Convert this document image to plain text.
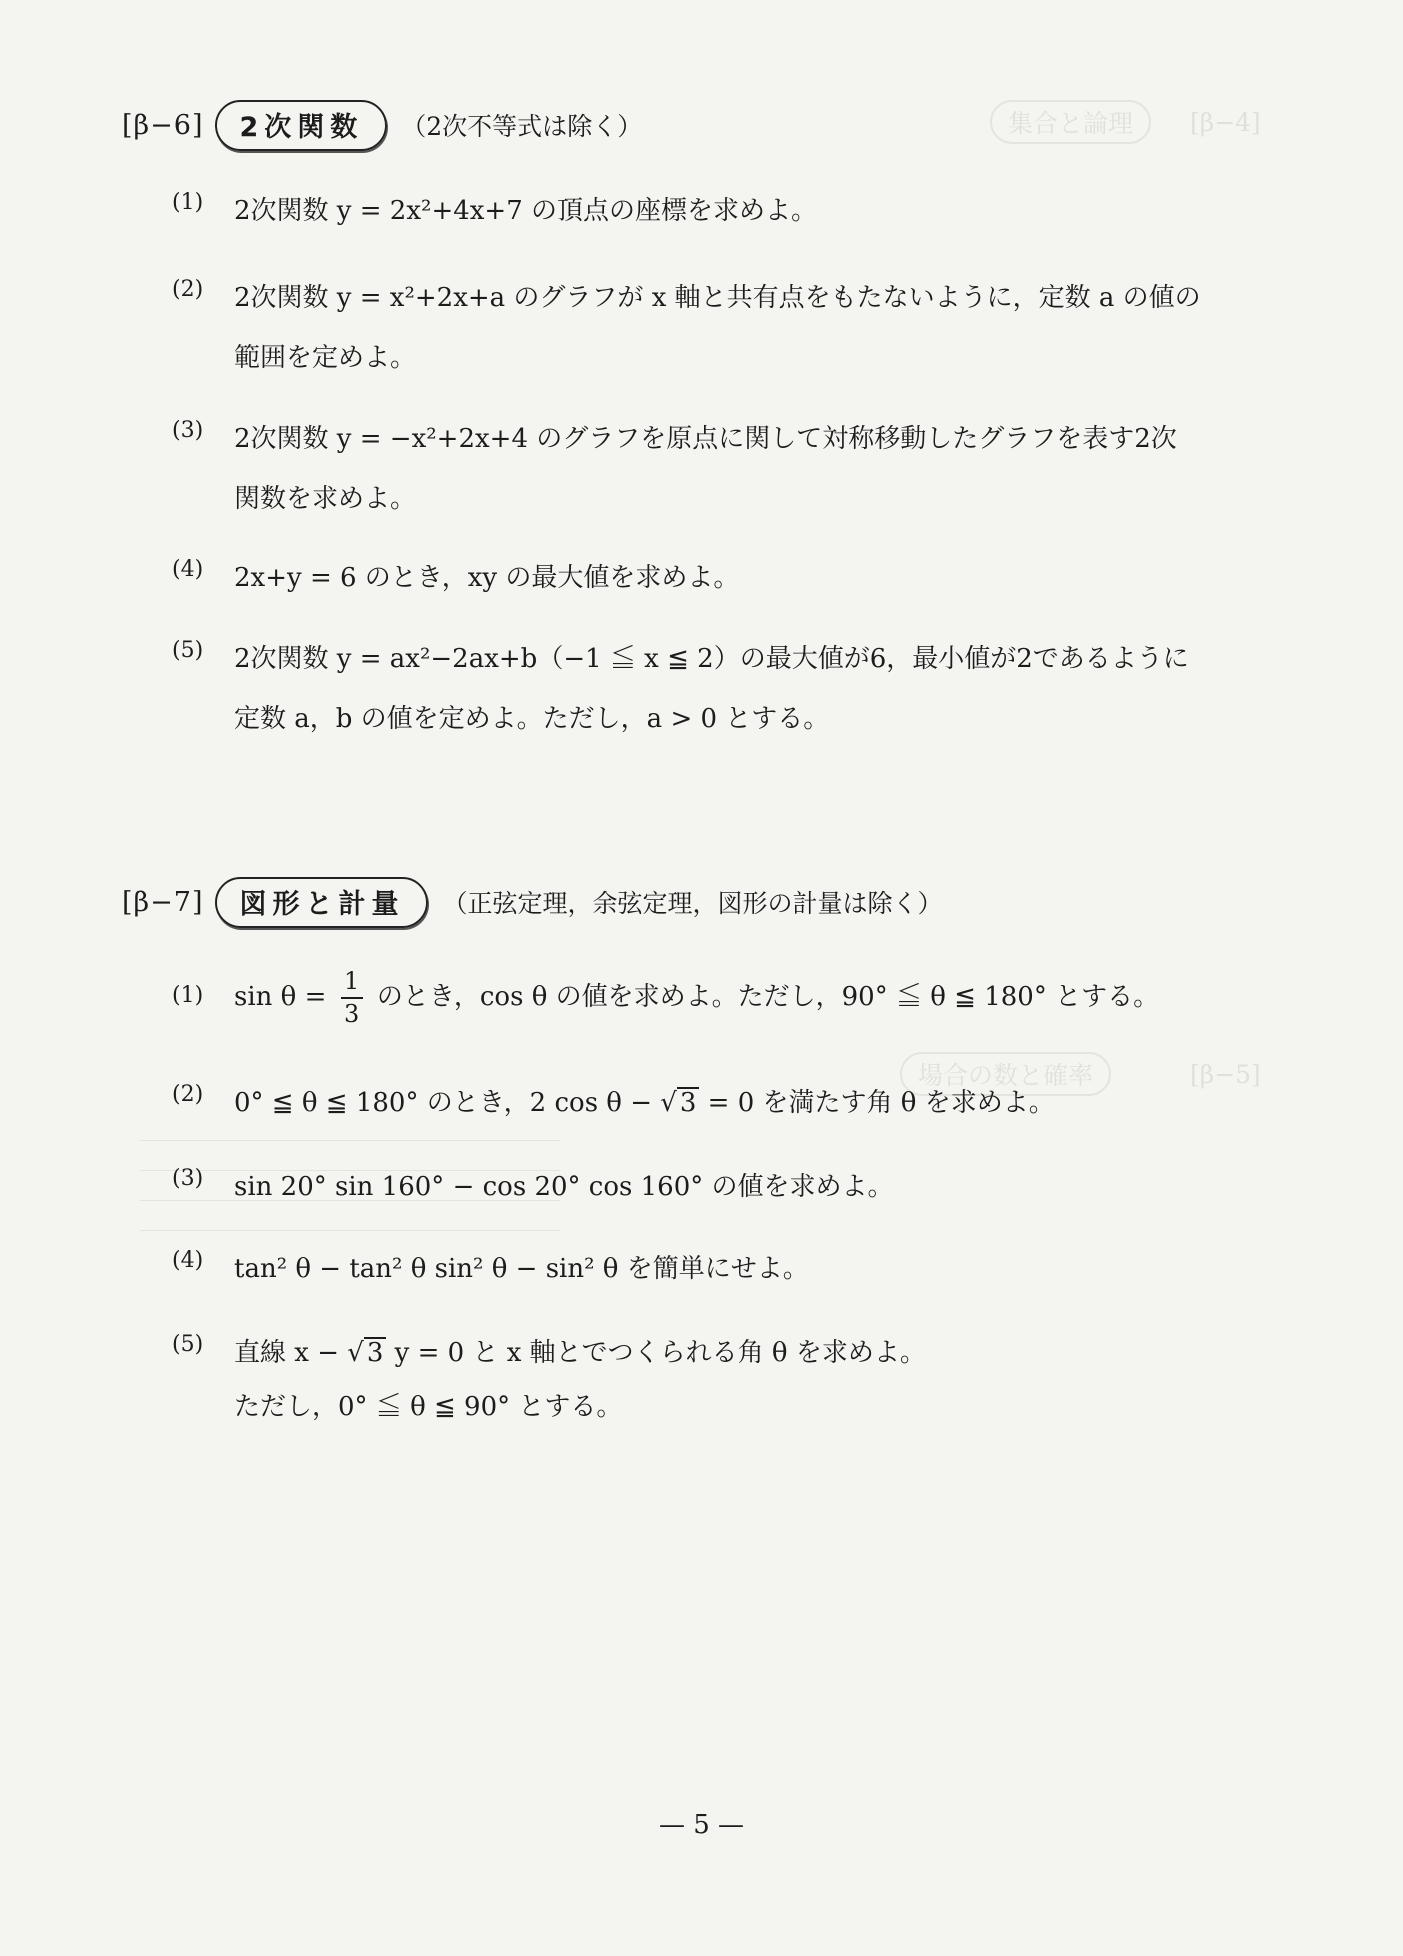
[β−4]
集合と論理
[β−5]
場合の数と確率
[β−6]	2次関数	（2次不等式は除く）
(1) 2次関数 y = 2x²+4x+7 の頂点の座標を求めよ。
(2) 2次関数 y = x²+2x+a のグラフが x 軸と共有点をもたないように，定数 a の値の
範囲を定めよ。
(3) 2次関数 y = −x²+2x+4 のグラフを原点に関して対称移動したグラフを表す2次
関数を求めよ。
(4) 2x+y = 6 のとき，xy の最大値を求めよ。
(5) 2次関数 y = ax²−2ax+b（−1 ≦ x ≦ 2）の最大値が6，最小値が2であるように
定数 a，b の値を定めよ。ただし，a > 0 とする。
[β−7]	図形と計量	（正弦定理，余弦定理，図形の計量は除く）
(1) $\sin \theta = \frac{1}{3}$ のとき，cos θ の値を求めよ。ただし，90° ≦ θ ≦ 180° とする。
(2) 0° ≦ θ ≦ 180° のとき，2 cos θ − √ 3 = 0 を満たす角 θ を求めよ。
(3) sin 20° sin 160° − cos 20° cos 160° の値を求めよ。
(4) tan² θ − tan² θ sin² θ − sin² θ を簡単にせよ。
(5) 直線 x − √ 3 y = 0 と x 軸とでつくられる角 θ を求めよ。
ただし，0° ≦ θ ≦ 90° とする。
— 5 —
